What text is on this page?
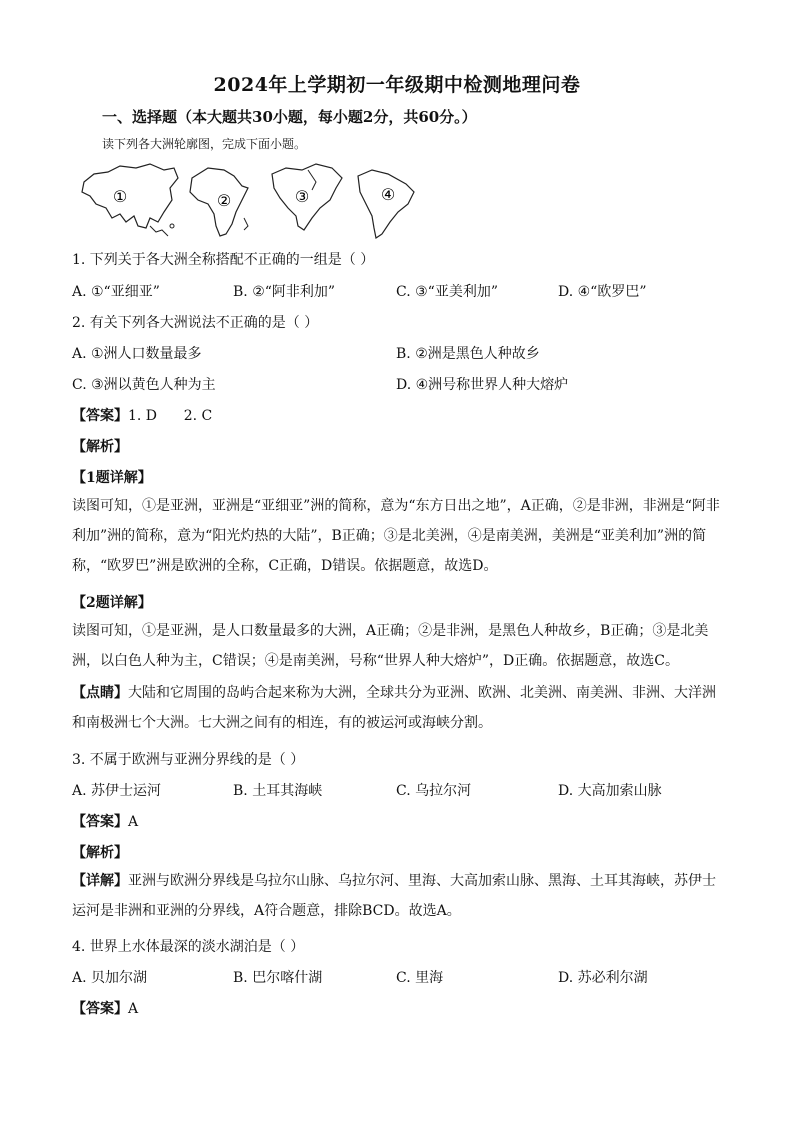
2024年上学期初一年级期中检测地理问卷
一、选择题（本大题共30小题，每小题2分，共60分。）
读下列各大洲轮廓图，完成下面小题。
①	②	③	④
1. 下列关于各大洲全称搭配不正确的一组是（ ）
A. ①“亚细亚”	B. ②“阿非利加”	C. ③“亚美利加”	D. ④“欧罗巴”
2. 有关下列各大洲说法不正确的是（ ）
A. ①洲人口数量最多	B. ②洲是黑色人种故乡
C. ③洲以黄色人种为主	D. ④洲号称世界人种大熔炉
【答案】1. D      2. C
【解析】
【1题详解】

读图可知，①是亚洲，亚洲是“亚细亚”洲的简称，意为“东方日出之地”，A正确，②是非洲，非洲是“阿非利加”洲的简称，意为“阳光灼热的大陆”，B正确；③是北美洲，④是南美洲，美洲是“亚美利加”洲的简称，“欧罗巴”洲是欧洲的全称，C正确，D错误。依据题意，故选D。

【2题详解】

读图可知，①是亚洲，是人口数量最多的大洲，A正确；②是非洲，是黑色人种故乡，B正确；③是北美洲，以白色人种为主，C错误；④是南美洲，号称“世界人种大熔炉”，D正确。依据题意，故选C。

【点睛】大陆和它周围的岛屿合起来称为大洲，全球共分为亚洲、欧洲、北美洲、南美洲、非洲、大洋洲和南极洲七个大洲。七大洲之间有的相连，有的被运河或海峡分割。

3. 不属于欧洲与亚洲分界线的是（ ）
A. 苏伊士运河	B. 土耳其海峡	C. 乌拉尔河	D. 大高加索山脉
【答案】A
【解析】

【详解】亚洲与欧洲分界线是乌拉尔山脉、乌拉尔河、里海、大高加索山脉、黑海、土耳其海峡，苏伊士运河是非洲和亚洲的分界线，A符合题意，排除BCD。故选A。

4. 世界上水体最深的淡水湖泊是（ ）
A. 贝加尔湖	B. 巴尔喀什湖	C. 里海	D. 苏必利尔湖
【答案】A
